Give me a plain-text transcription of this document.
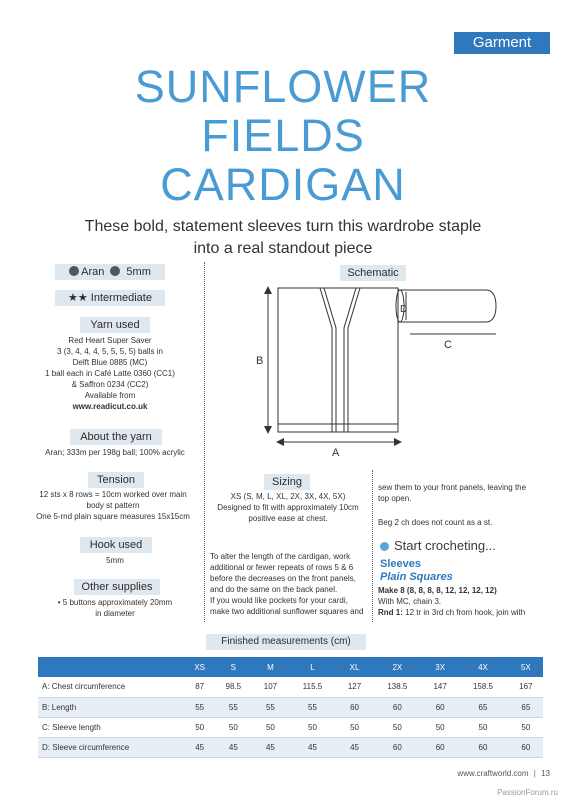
Garment
SUNFLOWER
FIELDS
CARDIGAN
These bold, statement sleeves turn this wardrobe staple
into a real standout piece
Aran 5mm
★★ Intermediate
Yarn used
Red Heart Super Saver
3 (3, 4, 4, 4, 5, 5, 5, 5) balls in
Delft Blue 0885 (MC)
1 ball each in Café Latte 0360 (CC1)
& Saffron 0234 (CC2)
Available from
www.readicut.co.uk
About the yarn
Aran; 333m per 198g ball; 100% acrylic
Tension
12 sts x 8 rows = 10cm worked over main
body st pattern
One 5-rnd plain square measures 15x15cm
Hook used
5mm
Other supplies
• 5 buttons approximately 20mm
in diameter
Schematic
B
A
C
D
Sizing
XS (S, M, L, XL, 2X, 3X, 4X, 5X)
Designed to fit with approximately 10cm
positive ease at chest.
To alter the length of the cardigan, work
additional or fewer repeats of rows 5 & 6
before the decreases on the front panels,
and do the same on the back panel.
If you would like pockets for your cardi,
make two additional sunflower squares and
sew them to your front panels, leaving the
top open.
Beg 2 ch does not count as a st.
Start crocheting...
Sleeves
Plain Squares
Make 8 (8, 8, 8, 8, 12, 12, 12, 12)
With MC, chain 3.
Rnd 1: 12 tr in 3rd ch from hook, join with
Finished measurements (cm)
	XS	S	M	L	XL	2X	3X	4X	5X
A: Chest circumference	87	98.5	107	115.5	127	138.5	147	158.5	167
B: Length	55	55	55	55	60	60	60	65	65
C: Sleeve length	50	50	50	50	50	50	50	50	50
D: Sleeve circumference	45	45	45	45	45	60	60	60	60
www.craftworld.com | 13
PassionForum.ru
